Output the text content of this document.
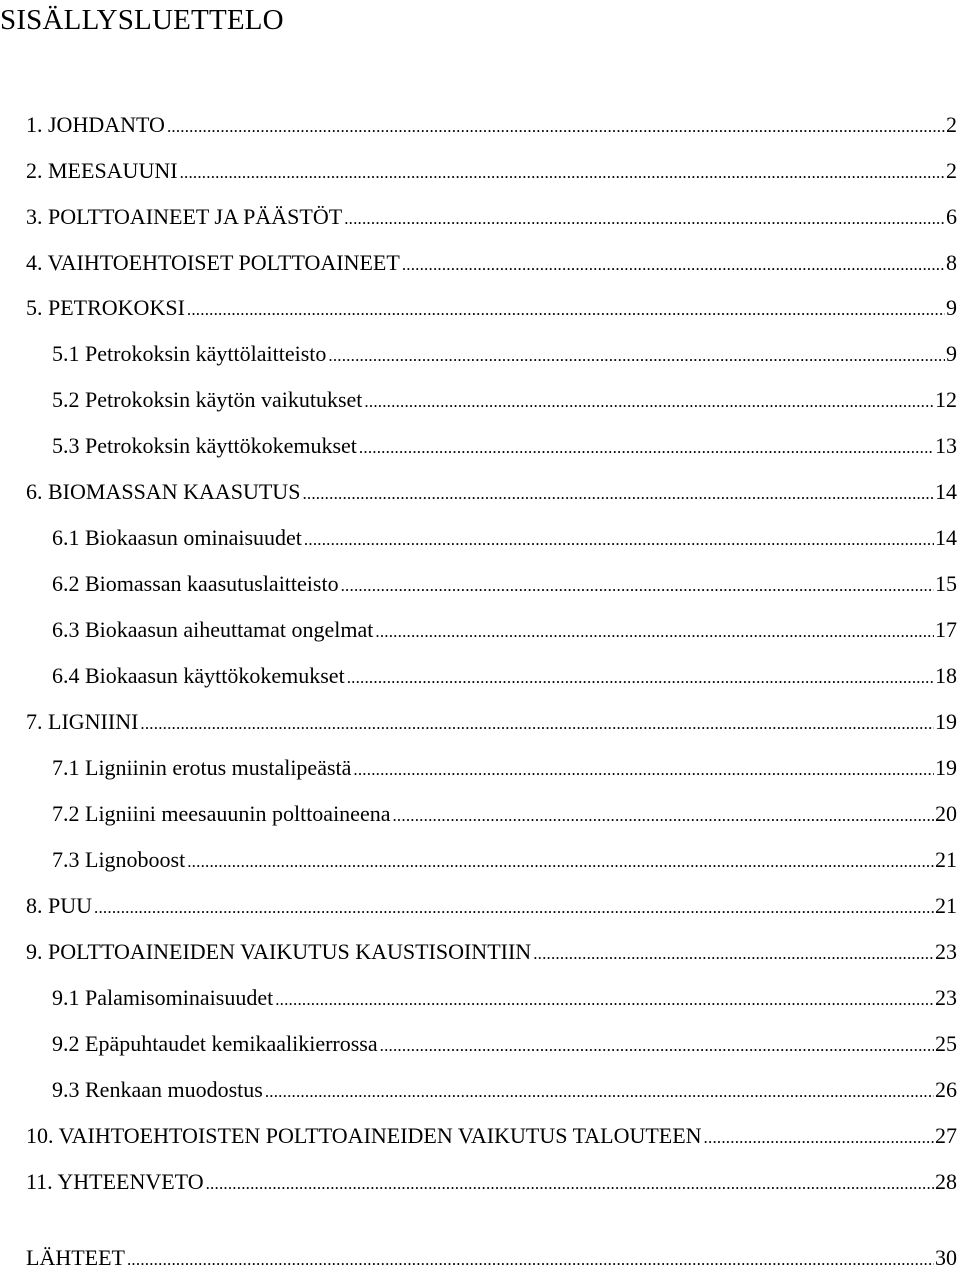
SISÄLLYSLUETTELO
1. JOHDANTO .....	2
2. MEESAUUNI .....	2
3. POLTTOAINEET JA PÄÄSTÖT .....	6
4. VAIHTOEHTOISET POLTTOAINEET .....	8
5. PETROKOKSI .....	9
5.1 Petrokoksin käyttölaitteisto .....	9
5.2 Petrokoksin käytön vaikutukset .....	12
5.3 Petrokoksin käyttökokemukset .....	13
6. BIOMASSAN KAASUTUS .....	14
6.1 Biokaasun ominaisuudet .....	14
6.2 Biomassan kaasutuslaitteisto .....	15
6.3 Biokaasun aiheuttamat ongelmat .....	17
6.4 Biokaasun käyttökokemukset .....	18
7. LIGNIINI .....	19
7.1 Ligniinin erotus mustalipeästä .....	19
7.2 Ligniini meesauunin polttoaineena .....	20
7.3 Lignoboost .....	21
8. PUU .....	21
9. POLTTOAINEIDEN VAIKUTUS KAUSTISOINTIIN .....	23
9.1 Palamisominaisuudet .....	23
9.2 Epäpuhtaudet kemikaalikierrossa .....	25
9.3 Renkaan muodostus .....	26
10. VAIHTOEHTOISTEN POLTTOAINEIDEN VAIKUTUS TALOUTEEN .....	27
11. YHTEENVETO .....	28
LÄHTEET .....	30
